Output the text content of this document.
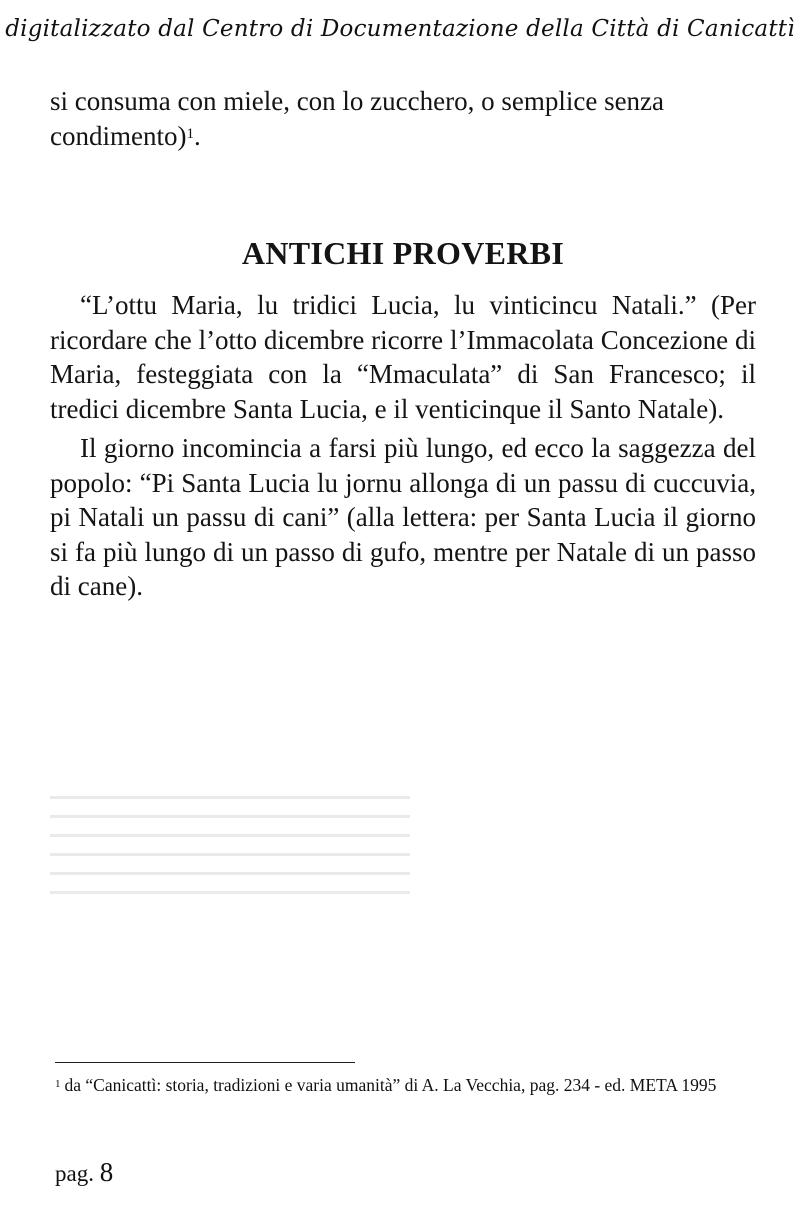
digitalizzato dal Centro di Documentazione della Città di Canicattì

si consuma con miele, con lo zucchero, o semplice senza condimento)$^1$.

ANTICHI PROVERBI

“L’ottu Maria, lu tridici Lucia, lu vinticincu Natali.” (Per ricordare che l’otto dicembre ricorre l’Immacolata Concezione di Maria, festeggiata con la “Mmaculata” di San Francesco; il tredici dicembre Santa Lucia, e il venticinque il Santo Natale).

Il giorno incomincia a farsi più lungo, ed ecco la saggezza del popolo: “Pi Santa Lucia lu jornu allonga di un passu di cuccuvia, pi Natali un passu di cani” (alla lettera: per Santa Lucia il giorno si fa più lungo di un passo di gufo, mentre per Natale di un passo di cane).

$^1$ da “Canicattì: storia, tradizioni e varia umanità” di A. La Vecchia, pag. 234 - ed. META 1995
pag. 8
